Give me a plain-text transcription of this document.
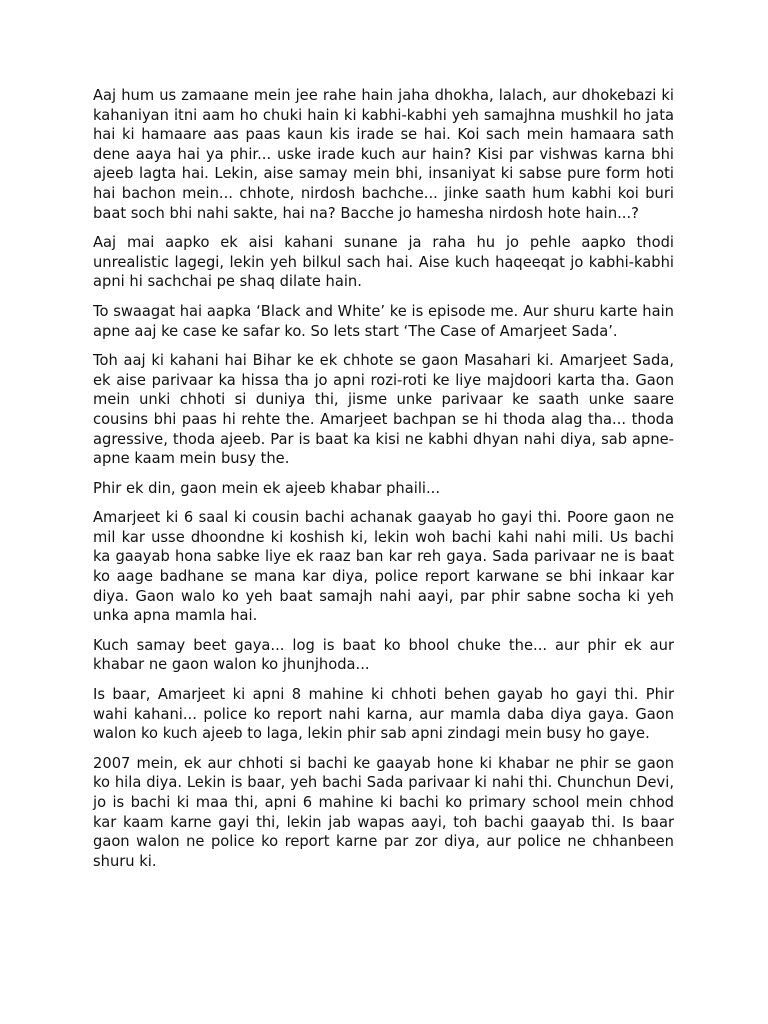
Aaj hum us zamaane mein jee rahe hain jaha dhokha, lalach, aur dhokebazi ki kahaniyan itni aam ho chuki hain ki kabhi-kabhi yeh samajhna mushkil ho jata hai ki hamaare aas paas kaun kis irade se hai. Koi sach mein hamaara sath dene aaya hai ya phir... uske irade kuch aur hain? Kisi par vishwas karna bhi ajeeb lagta hai. Lekin, aise samay mein bhi, insaniyat ki sabse pure form hoti hai bachon mein... chhote, nirdosh bachche... jinke saath hum kabhi koi buri baat soch bhi nahi sakte, hai na? Bacche jo hamesha nirdosh hote hain...?

Aaj mai aapko ek aisi kahani sunane ja raha hu jo pehle aapko thodi unrealistic lagegi, lekin yeh bilkul sach hai. Aise kuch haqeeqat jo kabhi-kabhi apni hi sachchai pe shaq dilate hain.

To swaagat hai aapka ‘Black and White’ ke is episode me. Aur shuru karte hain apne aaj ke case ke safar ko. So lets start ‘The Case of Amarjeet Sada’.

Toh aaj ki kahani hai Bihar ke ek chhote se gaon Masahari ki. Amarjeet Sada, ek aise parivaar ka hissa tha jo apni rozi-roti ke liye majdoori karta tha. Gaon mein unki chhoti si duniya thi, jisme unke parivaar ke saath unke saare cousins bhi paas hi rehte the. Amarjeet bachpan se hi thoda alag tha... thoda agressive, thoda ajeeb. Par is baat ka kisi ne kabhi dhyan nahi diya, sab apne-apne kaam mein busy the.

Phir ek din, gaon mein ek ajeeb khabar phaili...

Amarjeet ki 6 saal ki cousin bachi achanak gaayab ho gayi thi. Poore gaon ne mil kar usse dhoondne ki koshish ki, lekin woh bachi kahi nahi mili. Us bachi ka gaayab hona sabke liye ek raaz ban kar reh gaya. Sada parivaar ne is baat ko aage badhane se mana kar diya, police report karwane se bhi inkaar kar diya. Gaon walo ko yeh baat samajh nahi aayi, par phir sabne socha ki yeh unka apna mamla hai.

Kuch samay beet gaya... log is baat ko bhool chuke the... aur phir ek aur khabar ne gaon walon ko jhunjhoda...

Is baar, Amarjeet ki apni 8 mahine ki chhoti behen gayab ho gayi thi. Phir wahi kahani... police ko report nahi karna, aur mamla daba diya gaya. Gaon walon ko kuch ajeeb to laga, lekin phir sab apni zindagi mein busy ho gaye.

2007 mein, ek aur chhoti si bachi ke gaayab hone ki khabar ne phir se gaon ko hila diya. Lekin is baar, yeh bachi Sada parivaar ki nahi thi. Chunchun Devi, jo is bachi ki maa thi, apni 6 mahine ki bachi ko primary school mein chhod kar kaam karne gayi thi, lekin jab wapas aayi, toh bachi gaayab thi. Is baar gaon walon ne police ko report karne par zor diya, aur police ne chhanbeen shuru ki.
